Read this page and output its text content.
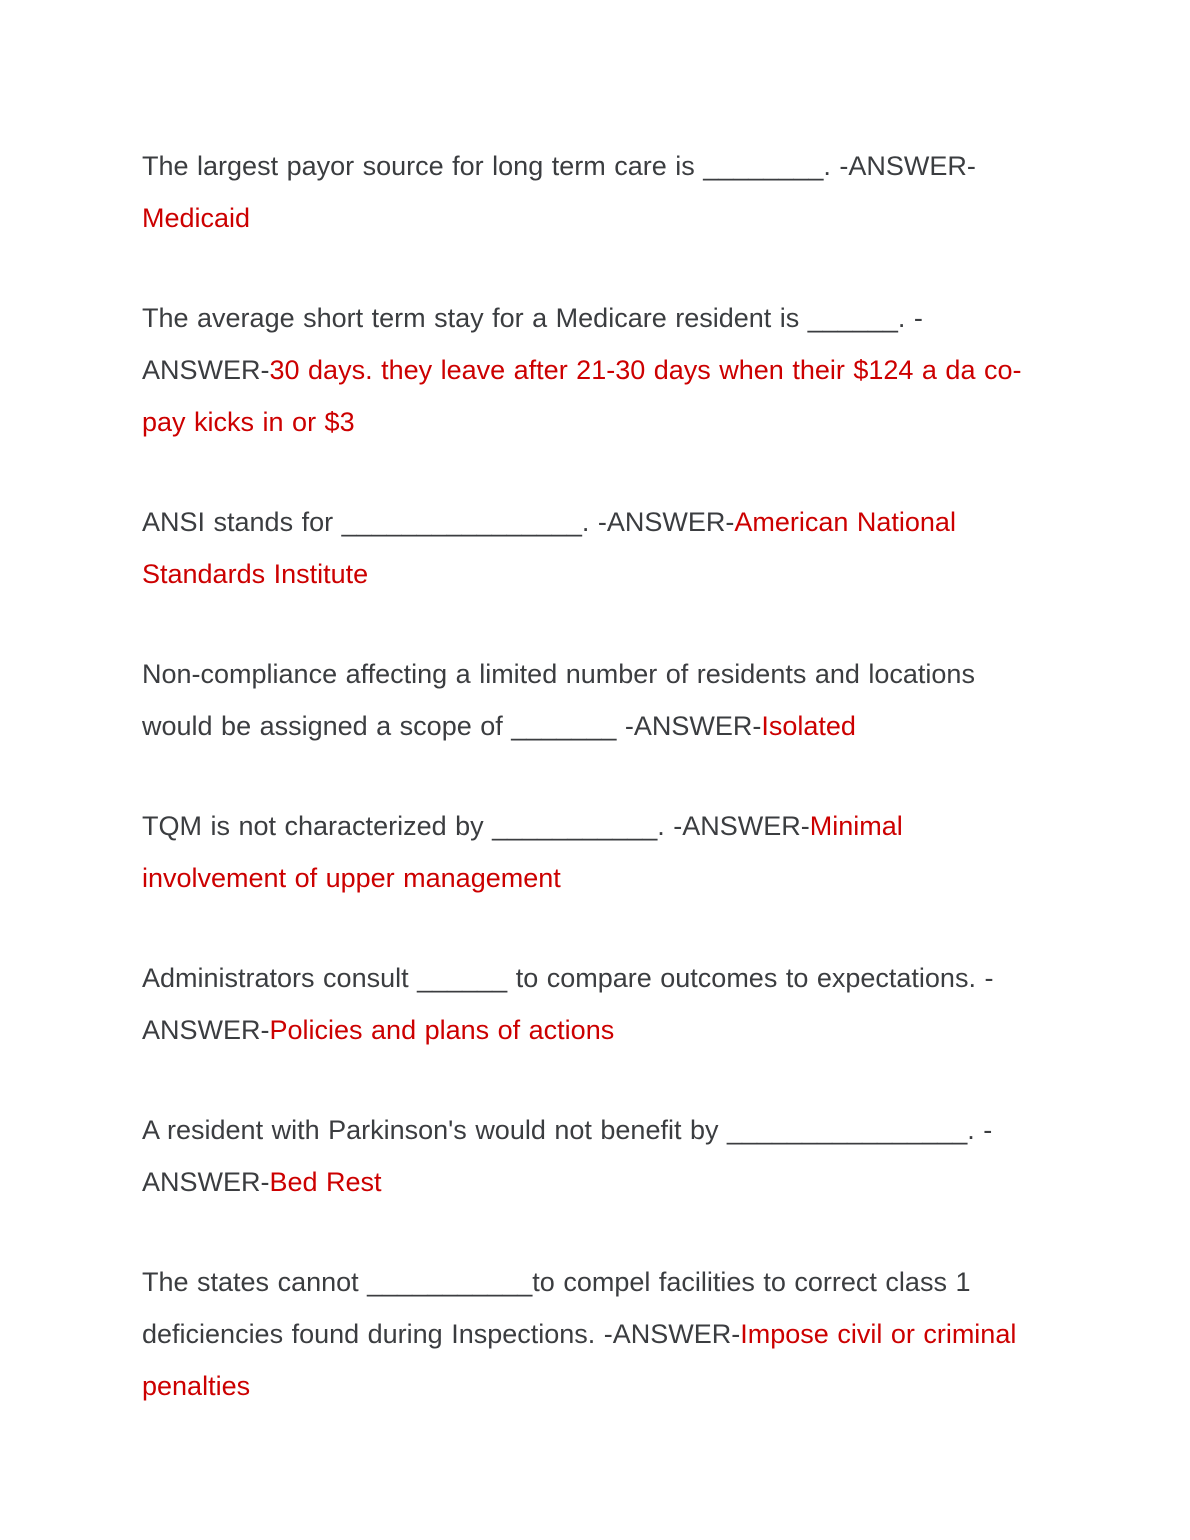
The largest payor source for long term care is ________. -ANSWER-Medicaid

The average short term stay for a Medicare resident is ______. -ANSWER-30 days. they leave after 21-30 days when their $124 a da co-pay kicks in or $3

ANSI stands for ________________. -ANSWER-American National Standards Institute

Non-compliance affecting a limited number of residents and locations would be assigned a scope of _______ -ANSWER-Isolated

TQM is not characterized by ___________. -ANSWER-Minimal involvement of upper management

Administrators consult ______ to compare outcomes to expectations. -ANSWER-Policies and plans of actions

A resident with Parkinson's would not benefit by ________________. -ANSWER-Bed Rest

The states cannot ___________to compel facilities to correct class 1 deficiencies found during Inspections. -ANSWER-Impose civil or criminal penalties
